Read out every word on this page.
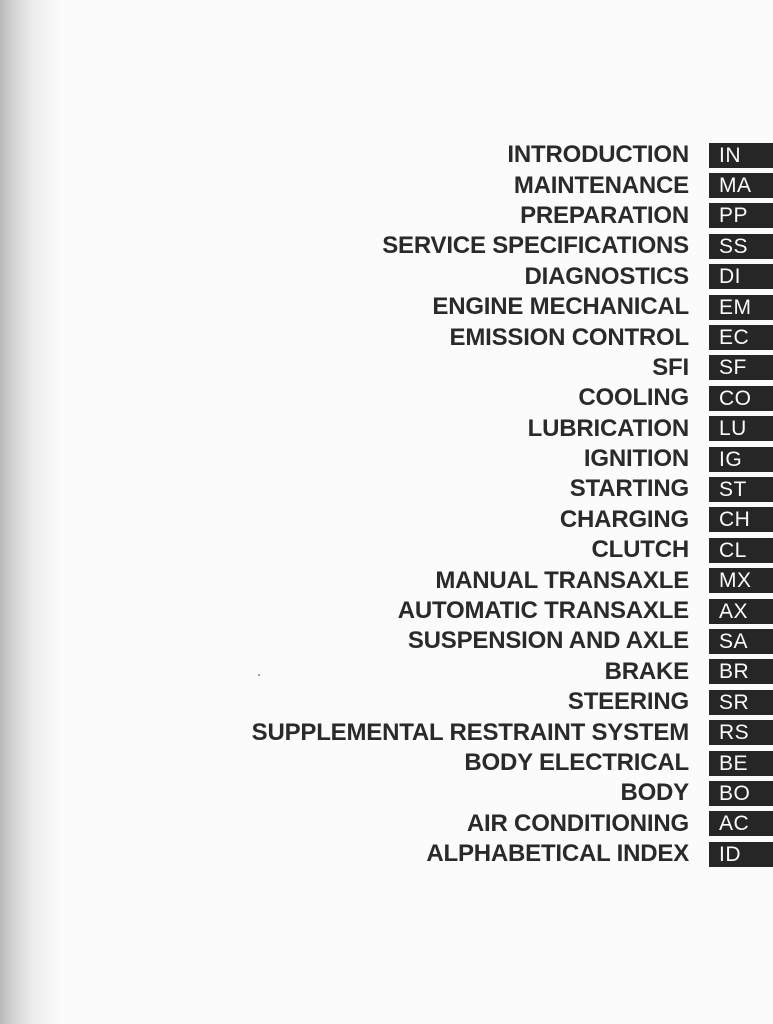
INTRODUCTION	IN
MAINTENANCE	MA
PREPARATION	PP
SERVICE SPECIFICATIONS	SS
DIAGNOSTICS	DI
ENGINE MECHANICAL	EM
EMISSION CONTROL	EC
SFI	SF
COOLING	CO
LUBRICATION	LU
IGNITION	IG
STARTING	ST
CHARGING	CH
CLUTCH	CL
MANUAL TRANSAXLE	MX
AUTOMATIC TRANSAXLE	AX
SUSPENSION AND AXLE	SA
BRAKE	BR
STEERING	SR
SUPPLEMENTAL RESTRAINT SYSTEM	RS
BODY ELECTRICAL	BE
BODY	BO
AIR CONDITIONING	AC
ALPHABETICAL INDEX	ID
